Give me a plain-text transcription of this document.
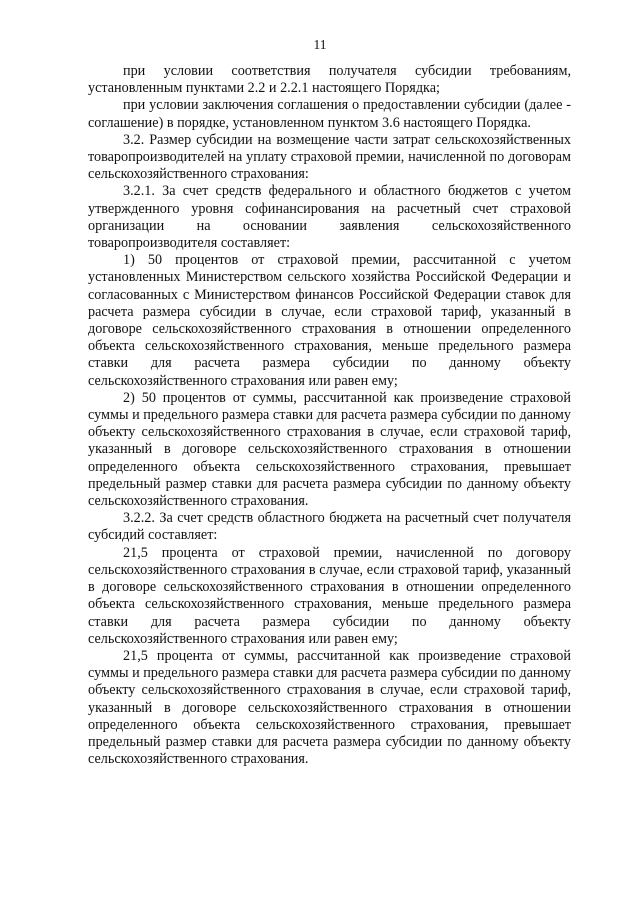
11

при условии соответствия получателя субсидии требованиям, установленным пунктами 2.2 и 2.2.1 настоящего Порядка;

при условии заключения соглашения о предоставлении субсидии (далее - соглашение) в порядке, установленном пунктом 3.6 настоящего Порядка.

3.2. Размер субсидии на возмещение части затрат сельскохозяйственных товаропроизводителей на уплату страховой премии, начисленной по договорам сельскохозяйственного страхования:

3.2.1. За счет средств федерального и областного бюджетов с учетом утвержденного уровня софинансирования на расчетный счет страховой организации на основании заявления сельскохозяйственного товаропроизводителя составляет:

1) 50 процентов от страховой премии, рассчитанной с учетом установленных Министерством сельского хозяйства Российской Федерации и согласованных с Министерством финансов Российской Федерации ставок для расчета размера субсидии в случае, если страховой тариф, указанный в договоре сельскохозяйственного страхования в отношении определенного объекта сельскохозяйственного страхования, меньше предельного размера ставки для расчета размера субсидии по данному объекту сельскохозяйственного страхования или равен ему;

2) 50 процентов от суммы, рассчитанной как произведение страховой суммы и предельного размера ставки для расчета размера субсидии по данному объекту сельскохозяйственного страхования в случае, если страховой тариф, указанный в договоре сельскохозяйственного страхования в отношении определенного объекта сельскохозяйственного страхования, превышает предельный размер ставки для расчета размера субсидии по данному объекту сельскохозяйственного страхования.

3.2.2. За счет средств областного бюджета на расчетный счет получателя субсидий составляет:

21,5 процента от страховой премии, начисленной по договору сельскохозяйственного страхования в случае, если страховой тариф, указанный в договоре сельскохозяйственного страхования в отношении определенного объекта сельскохозяйственного страхования, меньше предельного размера ставки для расчета размера субсидии по данному объекту сельскохозяйственного страхования или равен ему;

21,5 процента от суммы, рассчитанной как произведение страховой суммы и предельного размера ставки для расчета размера субсидии по данному объекту сельскохозяйственного страхования в случае, если страховой тариф, указанный в договоре сельскохозяйственного страхования в отношении определенного объекта сельскохозяйственного страхования, превышает предельный размер ставки для расчета размера субсидии по данному объекту сельскохозяйственного страхования.
